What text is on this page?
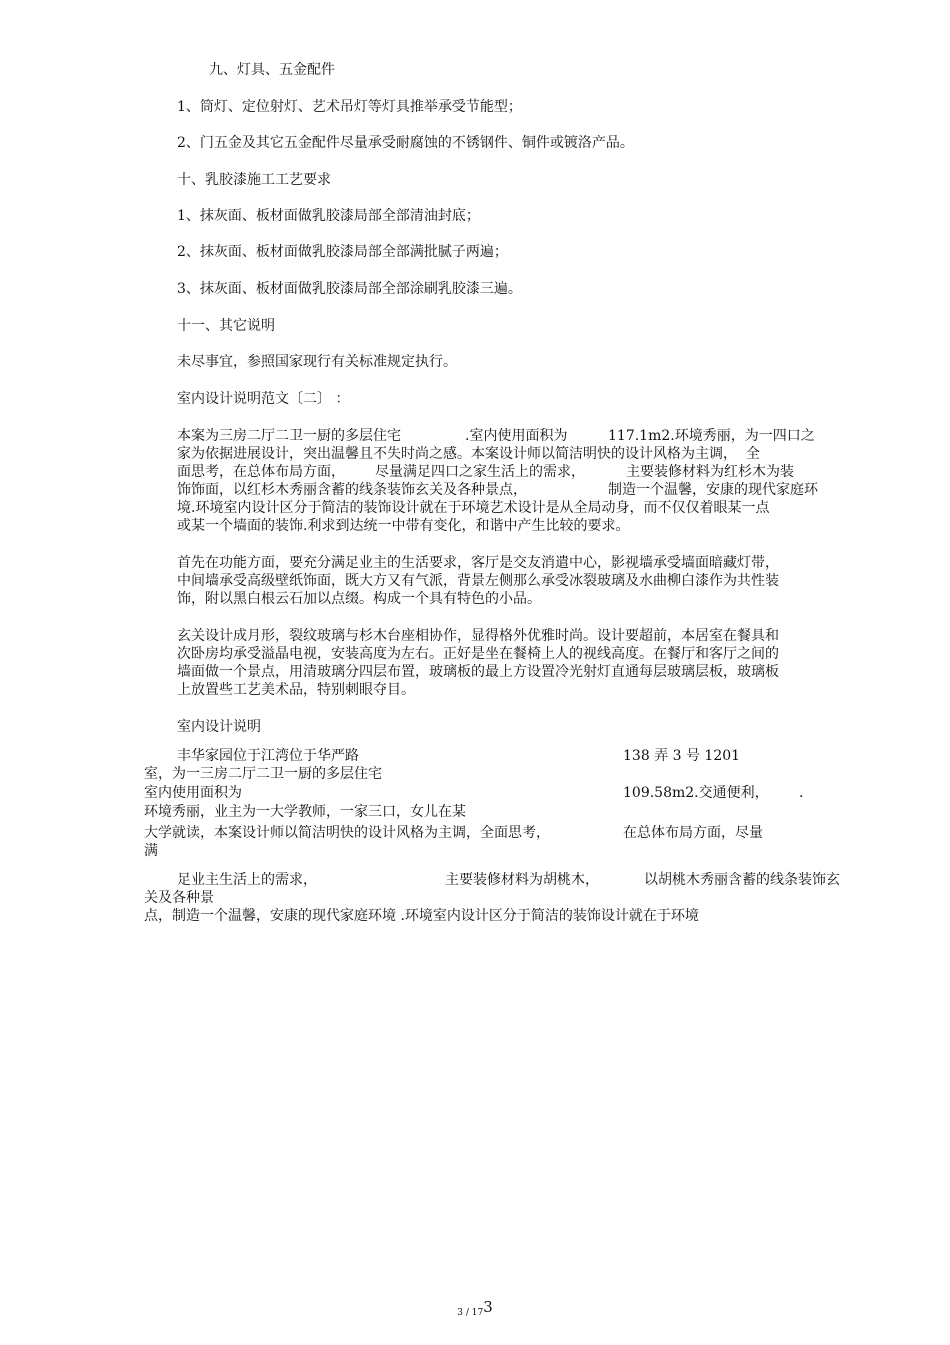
九、灯具、五金配件
1、筒灯、定位射灯、艺术吊灯等灯具推举承受节能型；
2、门五金及其它五金配件尽量承受耐腐蚀的不锈钢件、铜件或镀洛产品。
十、乳胶漆施工工艺要求
1、抹灰面、板材面做乳胶漆局部全部清油封底；
2、抹灰面、板材面做乳胶漆局部全部满批腻子两遍；
3、抹灰面、板材面做乳胶漆局部全部涂刷乳胶漆三遍。
十一、其它说明
未尽事宜，参照国家现行有关标准规定执行。
室内设计说明范文〔二〕 ：
本案为三房二厅二卫一厨的多层住宅	.室内使用面积为	117.1m2.环境秀丽，为一四口之
家为依据进展设计，突出温馨且不失时尚之感。本案设计师以简洁明快的设计风格为主调，  全
面思考，在总体布局方面， 尽量满足四口之家生活上的需求，	主要装修材料为红杉木为装
饰饰面，以红杉木秀丽含蓄的线条装饰玄关及各种景点，	制造一个温馨，安康的现代家庭环
境.环境室内设计区分于简洁的装饰设计就在于环境艺术设计是从全局动身，而不仅仅着眼某一点
或某一个墙面的装饰.利求到达统一中带有变化，和谐中产生比较的要求。
首先在功能方面，要充分满足业主的生活要求，客厅是交友消遣中心，影视墙承受墙面暗藏灯带，
中间墙承受高级壁纸饰面，既大方又有气派，背景左侧那么承受冰裂玻璃及水曲柳白漆作为共性装
饰，附以黑白根云石加以点缀。构成一个具有特色的小品。
玄关设计成月形，裂纹玻璃与杉木台座相协作，显得格外优雅时尚。设计要超前，本居室在餐具和
次卧房均承受溢晶电视，安装高度为左右。正好是坐在餐椅上人的视线高度。在餐厅和客厅之间的
墙面做一个景点，用清玻璃分四层布置，玻璃板的最上方设置冷光射灯直通每层玻璃层板，玻璃板
上放置些工艺美术品，特别刺眼夺目。
室内设计说明
丰华家园位于江湾位于华严路	138 弄 3 号 1201
室，为一三房二厅二卫一厨的多层住宅
室内使用面积为	109.58m2.交通便利， .
环境秀丽，业主为一大学教师，一家三口，女儿在某
大学就读，本案设计师以简洁明快的设计风格为主调，全面思考，	在总体布局方面，尽量
满
足业主生活上的需求，	主要装修材料为胡桃木，	以胡桃木秀丽含蓄的线条装饰玄
关及各种景
点，制造一个温馨，安康的现代家庭环境 .环境室内设计区分于简洁的装饰设计就在于环境
3 / 173
